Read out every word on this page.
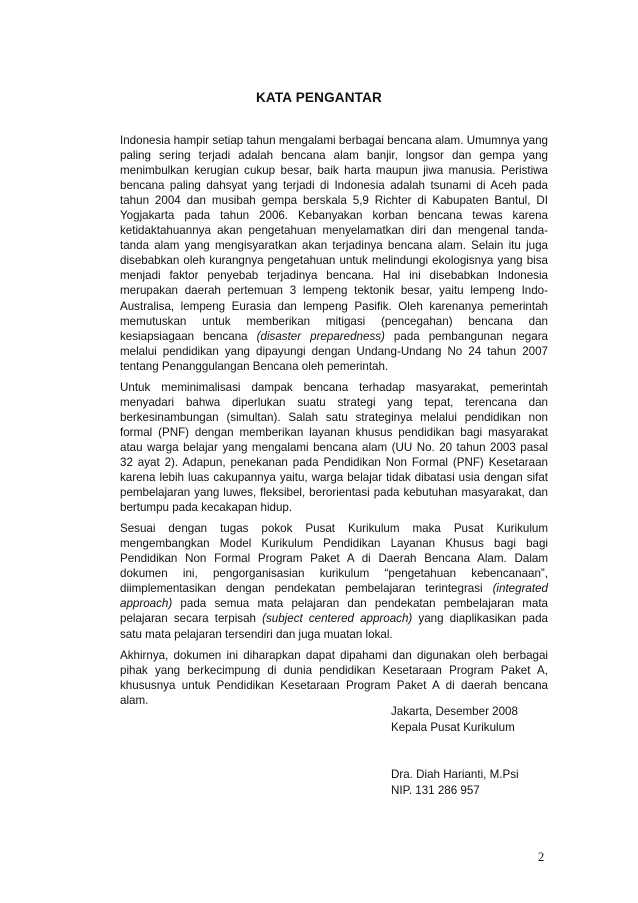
KATA PENGANTAR

Indonesia hampir setiap tahun mengalami berbagai bencana alam. Umumnya yang paling sering terjadi adalah bencana alam banjir, longsor dan gempa yang menimbulkan kerugian cukup besar, baik harta maupun jiwa manusia. Peristiwa bencana paling dahsyat yang terjadi di Indonesia adalah tsunami di Aceh pada tahun 2004 dan musibah gempa berskala 5,9 Richter di Kabupaten Bantul, DI Yogjakarta pada tahun 2006. Kebanyakan korban bencana tewas karena ketidaktahuannya akan pengetahuan menyelamatkan diri dan mengenal tanda-tanda alam yang mengisyaratkan akan terjadinya bencana alam. Selain itu juga disebabkan oleh kurangnya pengetahuan untuk melindungi ekologisnya yang bisa menjadi faktor penyebab terjadinya bencana. Hal ini disebabkan Indonesia merupakan daerah pertemuan 3 lempeng tektonik besar, yaitu lempeng Indo-Australisa, lempeng Eurasia dan lempeng Pasifik. Oleh karenanya pemerintah memutuskan untuk memberikan mitigasi (pencegahan) bencana dan kesiapsiagaan bencana (disaster preparedness) pada pembangunan negara melalui pendidikan yang dipayungi dengan Undang-Undang No 24 tahun 2007 tentang Penanggulangan Bencana oleh pemerintah.

Untuk meminimalisasi dampak bencana terhadap masyarakat, pemerintah menyadari bahwa diperlukan suatu strategi yang tepat, terencana dan berkesinambungan (simultan). Salah satu strateginya melalui pendidikan non formal (PNF) dengan memberikan layanan khusus pendidikan bagi masyarakat atau warga belajar yang mengalami bencana alam (UU No. 20 tahun 2003 pasal 32 ayat 2). Adapun, penekanan pada Pendidikan Non Formal (PNF) Kesetaraan karena lebih luas cakupannya yaitu, warga belajar tidak dibatasi usia dengan sifat pembelajaran yang luwes, fleksibel, berorientasi pada kebutuhan masyarakat, dan bertumpu pada kecakapan hidup.

Sesuai dengan tugas pokok Pusat Kurikulum maka Pusat Kurikulum mengembangkan Model Kurikulum Pendidikan Layanan Khusus bagi bagi Pendidikan Non Formal Program Paket A di Daerah Bencana Alam. Dalam dokumen ini, pengorganisasian kurikulum “pengetahuan kebencanaan”, diimplementasikan dengan pendekatan pembelajaran terintegrasi (integrated approach) pada semua mata pelajaran dan pendekatan pembelajaran mata pelajaran secara terpisah (subject centered approach) yang diaplikasikan pada satu mata pelajaran tersendiri dan juga muatan lokal.

Akhirnya, dokumen ini diharapkan dapat dipahami dan digunakan oleh berbagai pihak yang berkecimpung di dunia pendidikan Kesetaraan Program Paket A, khususnya untuk Pendidikan Kesetaraan Program Paket A di daerah bencana alam.

Jakarta, Desember 2008
Kepala Pusat Kurikulum
Dra. Diah Harianti, M.Psi
NIP. 131 286 957
2
